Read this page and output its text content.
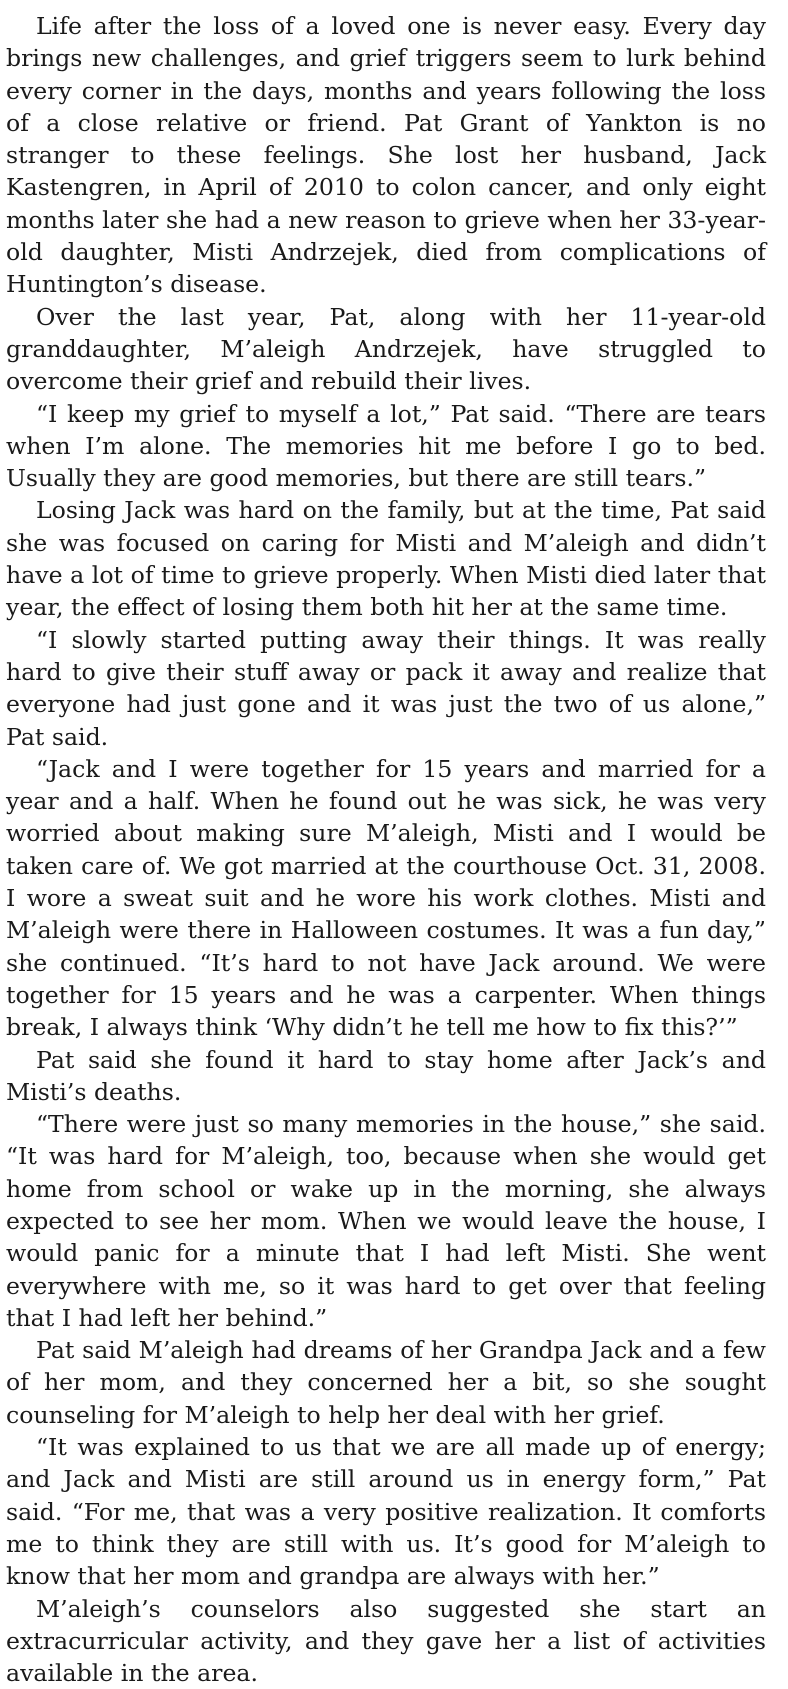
Life after the loss of a loved one is never easy. Every day brings new challenges, and grief triggers seem to lurk behind every corner in the days, months and years following the loss of a close relative or friend. Pat Grant of Yankton is no stranger to these feelings. She lost her husband, Jack Kastengren, in April of 2010 to colon cancer, and only eight months later she had a new reason to grieve when her 33-year-old daughter, Misti Andrzejek, died from complications of Huntington’s disease.

Over the last year, Pat, along with her 11-year-old granddaughter, M’aleigh Andrzejek, have struggled to overcome their grief and rebuild their lives.

“I keep my grief to myself a lot,” Pat said. “There are tears when I’m alone. The memories hit me before I go to bed. Usually they are good memories, but there are still tears.”

Losing Jack was hard on the family, but at the time, Pat said she was focused on caring for Misti and M’aleigh and didn’t have a lot of time to grieve properly. When Misti died later that year, the effect of losing them both hit her at the same time.

“I slowly started putting away their things. It was really hard to give their stuff away or pack it away and realize that everyone had just gone and it was just the two of us alone,” Pat said.

“Jack and I were together for 15 years and married for a year and a half. When he found out he was sick, he was very worried about making sure M’aleigh, Misti and I would be taken care of. We got married at the courthouse Oct. 31, 2008. I wore a sweat suit and he wore his work clothes. Misti and M’aleigh were there in Halloween costumes. It was a fun day,” she continued. “It’s hard to not have Jack around. We were together for 15 years and he was a carpenter. When things break, I always think ‘Why didn’t he tell me how to fix this?’”

Pat said she found it hard to stay home after Jack’s and Misti’s deaths.

“There were just so many memories in the house,” she said. “It was hard for M’aleigh, too, because when she would get home from school or wake up in the morning, she always expected to see her mom. When we would leave the house, I would panic for a minute that I had left Misti. She went everywhere with me, so it was hard to get over that feeling that I had left her behind.”

Pat said M’aleigh had dreams of her Grandpa Jack and a few of her mom, and they concerned her a bit, so she sought counseling for M’aleigh to help her deal with her grief.

“It was explained to us that we are all made up of energy; and Jack and Misti are still around us in energy form,” Pat said. “For me, that was a very positive realization. It comforts me to think they are still with us. It’s good for M’aleigh to know that her mom and grandpa are always with her.”

M’aleigh’s counselors also suggested she start an extracurricular activity, and they gave her a list of activities available in the area.
